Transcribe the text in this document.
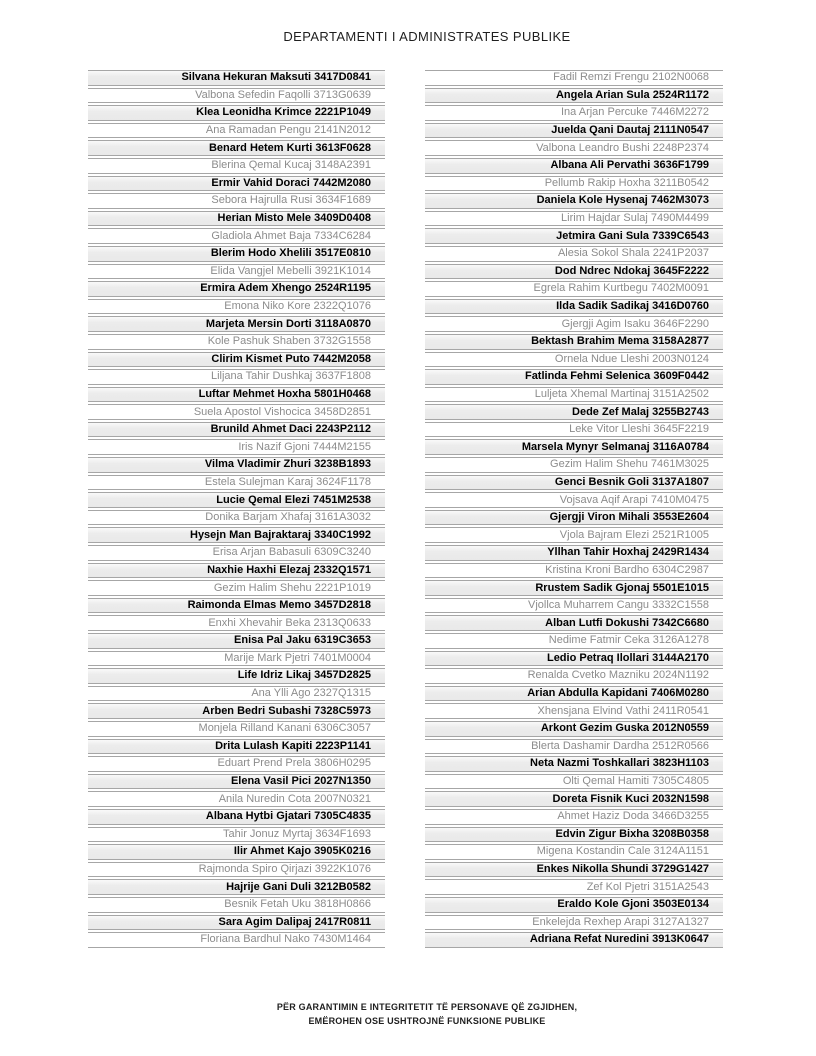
DEPARTAMENTI I ADMINISTRATES PUBLIKE
Silvana Hekuran Maksuti 3417D0841
Valbona Sefedin Faqolli 3713G0639
Klea Leonidha Krimce 2221P1049
Ana Ramadan Pengu 2141N2012
Benard Hetem Kurti 3613F0628
Blerina Qemal Kucaj 3148A2391
Ermir Vahid Doraci 7442M2080
Sebora Hajrulla Rusi 3634F1689
Herian Misto Mele 3409D0408
Gladiola Ahmet Baja 7334C6284
Blerim Hodo Xhelili 3517E0810
Elida Vangjel Mebelli 3921K1014
Ermira Adem Xhengo 2524R1195
Emona Niko Kore 2322Q1076
Marjeta Mersin Dorti 3118A0870
Kole Pashuk Shaben 3732G1558
Clirim Kismet Puto 7442M2058
Liljana Tahir Dushkaj 3637F1808
Luftar Mehmet Hoxha 5801H0468
Suela Apostol Vishocica 3458D2851
Brunild Ahmet Daci 2243P2112
Iris Nazif Gjoni 7444M2155
Vilma Vladimir Zhuri 3238B1893
Estela Sulejman Karaj 3624F1178
Lucie Qemal Elezi 7451M2538
Donika Barjam Xhafaj 3161A3032
Hysejn Man Bajraktaraj 3340C1992
Erisa Arjan Babasuli 6309C3240
Naxhie Haxhi Elezaj 2332Q1571
Gezim Halim Shehu 2221P1019
Raimonda Elmas Memo 3457D2818
Enxhi Xhevahir Beka 2313Q0633
Enisa Pal Jaku 6319C3653
Marije Mark Pjetri 7401M0004
Life Idriz Likaj 3457D2825
Ana Ylli Ago 2327Q1315
Arben Bedri Subashi 7328C5973
Monjela Rilland Kanani 6306C3057
Drita Lulash Kapiti 2223P1141
Eduart Prend Prela 3806H0295
Elena Vasil Pici 2027N1350
Anila Nuredin Cota 2007N0321
Albana Hytbi Gjatari 7305C4835
Tahir Jonuz Myrtaj 3634F1693
Ilir Ahmet Kajo 3905K0216
Rajmonda Spiro Qirjazi 3922K1076
Hajrije Gani Duli 3212B0582
Besnik Fetah Uku 3818H0866
Sara Agim Dalipaj 2417R0811
Floriana Bardhul Nako 7430M1464
Fadil Remzi Frengu 2102N0068
Angela Arian Sula 2524R1172
Ina Arjan Percuke 7446M2272
Juelda Qani Dautaj 2111N0547
Valbona Leandro Bushi 2248P2374
Albana Ali Pervathi 3636F1799
Pellumb Rakip Hoxha 3211B0542
Daniela Kole Hysenaj 7462M3073
Lirim Hajdar Sulaj 7490M4499
Jetmira Gani Sula 7339C6543
Alesia Sokol Shala 2241P2037
Dod Ndrec Ndokaj 3645F2222
Egrela Rahim Kurtbegu 7402M0091
Ilda Sadik Sadikaj 3416D0760
Gjergji Agim Isaku 3646F2290
Bektash Brahim Mema 3158A2877
Ornela Ndue Lleshi 2003N0124
Fatlinda Fehmi Selenica 3609F0442
Luljeta Xhemal Martinaj 3151A2502
Dede Zef Malaj 3255B2743
Leke Vitor Lleshi 3645F2219
Marsela Mynyr Selmanaj 3116A0784
Gezim Halim Shehu 7461M3025
Genci Besnik Goli 3137A1807
Vojsava Aqif Arapi 7410M0475
Gjergji Viron Mihali 3553E2604
Vjola Bajram Elezi 2521R1005
Yllhan Tahir Hoxhaj 2429R1434
Kristina Kroni Bardho 6304C2987
Rrustem Sadik Gjonaj 5501E1015
Vjollca Muharrem Cangu 3332C1558
Alban Lutfi Dokushi 7342C6680
Nedime Fatmir Ceka 3126A1278
Ledio Petraq Ilollari 3144A2170
Renalda Cvetko Mazniku 2024N1192
Arian Abdulla Kapidani 7406M0280
Xhensjana Elvind Vathi 2411R0541
Arkont Gezim Guska 2012N0559
Blerta Dashamir Dardha 2512R0566
Neta Nazmi Toshkallari 3823H1103
Olti Qemal Hamiti 7305C4805
Doreta Fisnik Kuci 2032N1598
Ahmet Haziz Doda 3466D3255
Edvin Zigur Bixha 3208B0358
Migena Kostandin Cale 3124A1151
Enkes Nikolla Shundi 3729G1427
Zef Kol Pjetri 3151A2543
Eraldo Kole Gjoni 3503E0134
Enkelejda Rexhep Arapi 3127A1327
Adriana Refat Nuredini 3913K0647
PËR GARANTIMIN E INTEGRITETIT TË PERSONAVE QË ZGJIDHEN,
EMËROHEN OSE USHTROJNË FUNKSIONE PUBLIKE
